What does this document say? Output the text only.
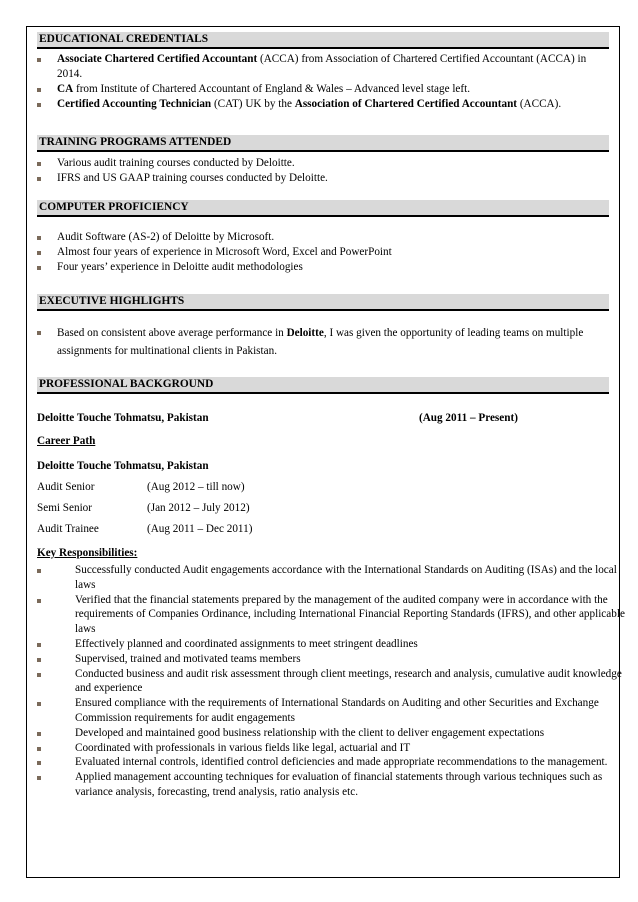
EDUCATIONAL CREDENTIALS
Associate Chartered Certified Accountant (ACCA) from Association of Chartered Certified Accountant (ACCA) in 2014.
CA from Institute of Chartered Accountant of England & Wales – Advanced level stage left.
Certified Accounting Technician (CAT) UK by the Association of Chartered Certified Accountant (ACCA).
TRAINING PROGRAMS ATTENDED
Various audit training courses conducted by Deloitte.
IFRS and US GAAP training courses conducted by Deloitte.
COMPUTER PROFICIENCY
Audit Software (AS-2) of Deloitte by Microsoft.
Almost four years of experience in Microsoft Word, Excel and PowerPoint
Four years’ experience in Deloitte audit methodologies
EXECUTIVE HIGHLIGHTS
Based on consistent above average performance in Deloitte, I was given the opportunity of leading teams on multiple assignments for multinational clients in Pakistan.
PROFESSIONAL BACKGROUND
Deloitte Touche Tohmatsu, Pakistan	(Aug 2011 – Present)
Career Path
Deloitte Touche Tohmatsu, Pakistan
Audit Senior	(Aug 2012 – till now)
Semi Senior	(Jan 2012 – July 2012)
Audit Trainee	(Aug 2011 – Dec 2011)
Key Responsibilities:
Successfully conducted Audit engagements accordance with the International Standards on Auditing (ISAs) and the local laws
Verified that the financial statements prepared by the management of the audited company were in accordance with the requirements of Companies Ordinance, including International Financial Reporting Standards (IFRS), and other applicable laws
Effectively planned and coordinated assignments to meet stringent deadlines
Supervised, trained and motivated teams members
Conducted business and audit risk assessment through client meetings, research and analysis, cumulative audit knowledge and experience
Ensured compliance with the requirements of International Standards on Auditing and other Securities and Exchange Commission requirements for audit engagements
Developed and maintained good business relationship with the client to deliver engagement expectations
Coordinated with professionals in various fields like legal, actuarial and IT
Evaluated internal controls, identified control deficiencies and made appropriate recommendations to the management.
Applied management accounting techniques for evaluation of financial statements through various techniques such as variance analysis, forecasting, trend analysis, ratio analysis etc.
